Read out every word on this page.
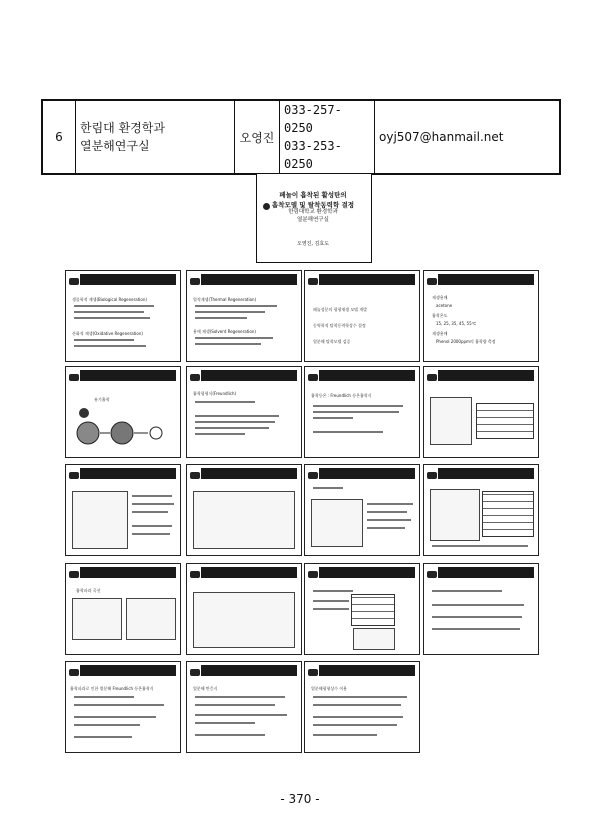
6	
한림대 환경학과
열분해연구실
	오영진	
033-257-0250
033-253-0250
	oyj507@hanmail.net
페놀이 흡착된 활성탄의
흡착모델 및 탈착동력학 결정
한림대학교 환경학과
열분해연구실
오영진, 김효도
생물학적 재생(Biological Regeneration)
산화적 재생(Oxidative Regeneration)
열적재생(Thermal Regeneration)
용매 재생(Solvent Regeneration)
페놀성분의 평형재생 모델 개발
동역학적 탈착동력학상수 결정
열분해 탈착모델 검증
재생용매
acetone
흡착온도
15, 25, 35, 45, 55℃
재생용매
Phenol 2000ppm의 흡착량 측정
유기흡착
흡착평형식(Freundlich)	흡착등온 : Freundlich 등온흡착식
흡착파과 곡선
흡착파과로 인한 열분해 Freundlich 등온흡착식	열분해 반응식	열분해평형상수 이용
- 370 -
